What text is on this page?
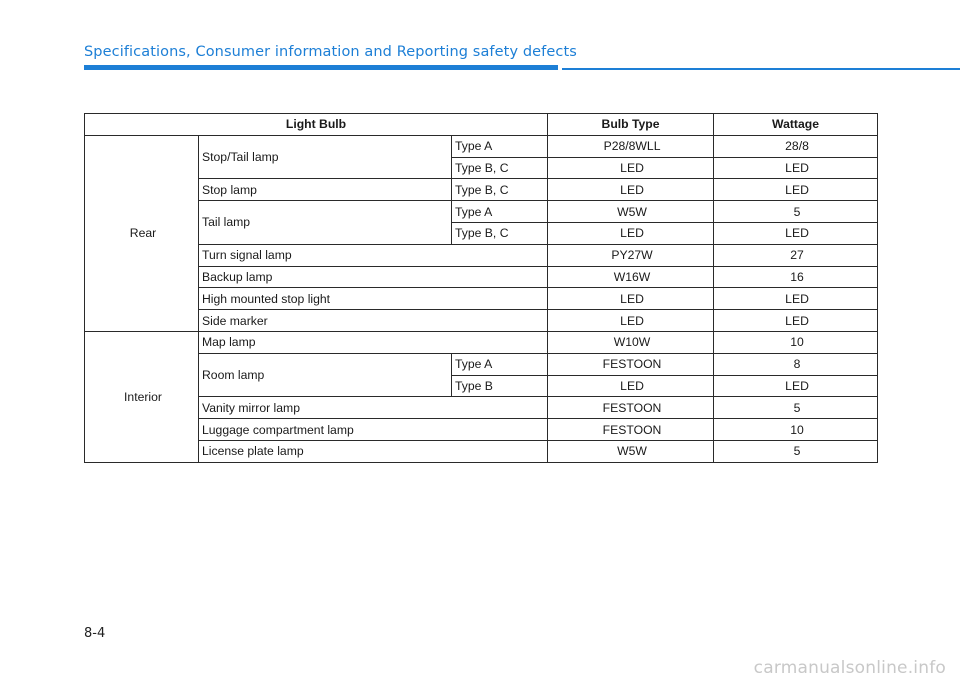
Specifications, Consumer information and Reporting safety defects
Light Bulb			Bulb Type	Wattage
Rear	Stop/Tail lamp	Type A	P28/8WLL	28/8
		Type B, C	LED	LED
	Stop lamp	Type B, C	LED	LED
	Tail lamp	Type A	W5W	5
		Type B, C	LED	LED
	Turn signal lamp		PY27W	27
	Backup lamp		W16W	16
	High mounted stop light		LED	LED
	Side marker		LED	LED
Interior	Map lamp		W10W	10
	Room lamp	Type A	FESTOON	8
		Type B	LED	LED
	Vanity mirror lamp		FESTOON	5
	Luggage compartment lamp		FESTOON	10
	License plate lamp		W5W	5
8-4
carmanualsonline.info
